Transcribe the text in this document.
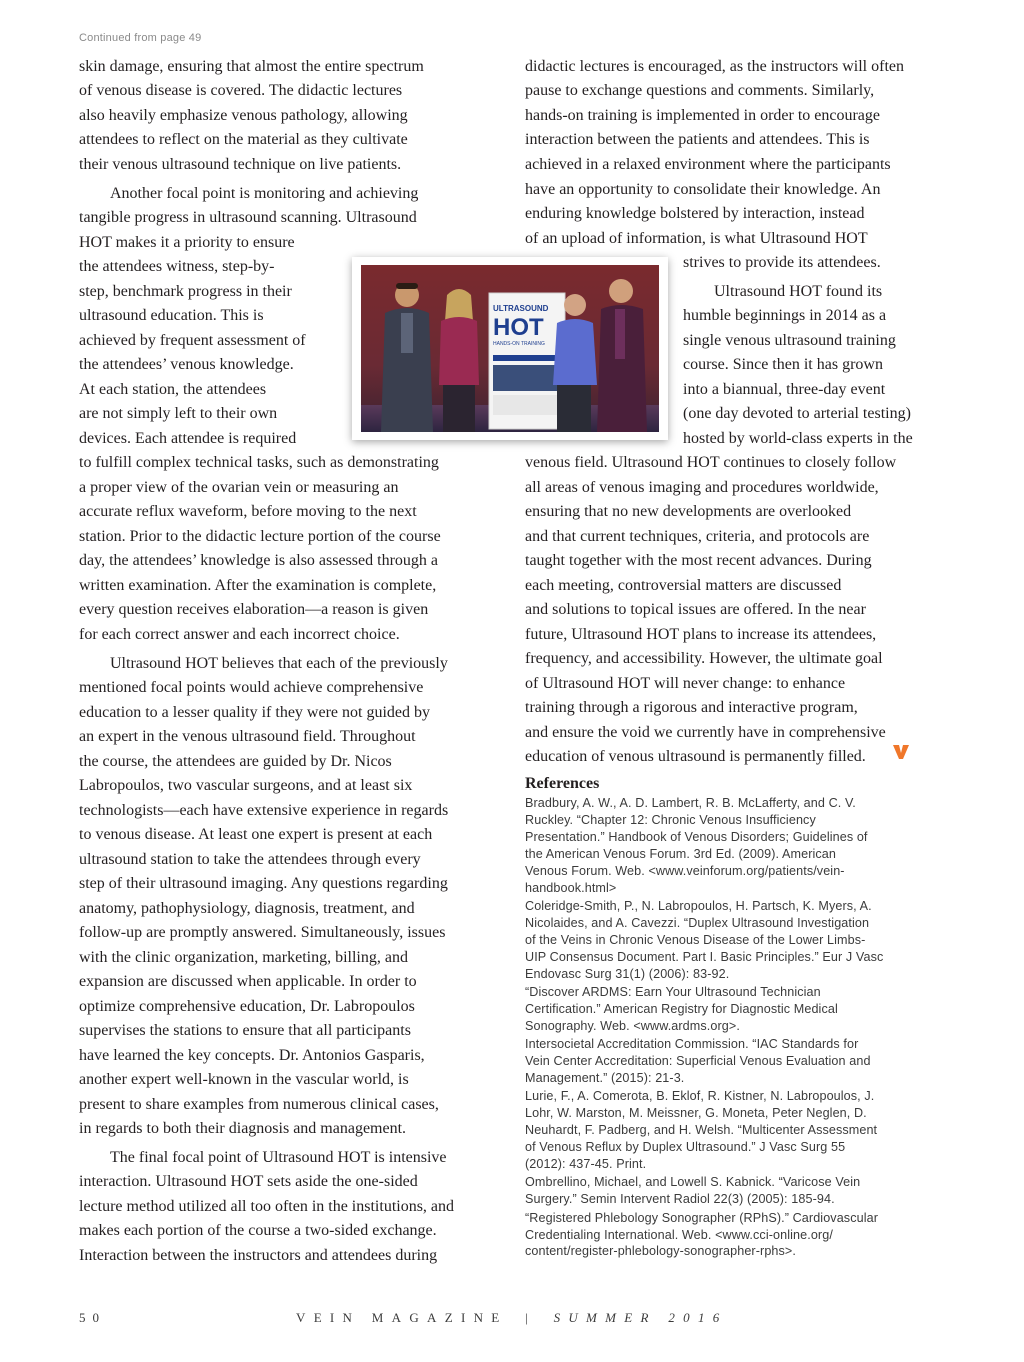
Continued from page 49
skin damage, ensuring that almost the entire spectrum
of venous disease is covered. The didactic lectures
also heavily emphasize venous pathology, allowing
attendees to reflect on the material as they cultivate
their venous ultrasound technique on live patients.
Another focal point is monitoring and achieving
tangible progress in ultrasound scanning. Ultrasound
HOT makes it a priority to ensure
the attendees witness, step-by-
step, benchmark progress in their
ultrasound education. This is
achieved by frequent assessment of
the attendees’ venous knowledge.
At each station, the attendees
are not simply left to their own
devices. Each attendee is required
to fulfill complex technical tasks, such as demonstrating
a proper view of the ovarian vein or measuring an
accurate reflux waveform, before moving to the next
station. Prior to the didactic lecture portion of the course
day, the attendees’ knowledge is also assessed through a
written examination. After the examination is complete,
every question receives elaboration—a reason is given
for each correct answer and each incorrect choice.
Ultrasound HOT believes that each of the previously
mentioned focal points would achieve comprehensive
education to a lesser quality if they were not guided by
an expert in the venous ultrasound field. Throughout
the course, the attendees are guided by Dr. Nicos
Labropoulos, two vascular surgeons, and at least six
technologists—each have extensive experience in regards
to venous disease. At least one expert is present at each
ultrasound station to take the attendees through every
step of their ultrasound imaging. Any questions regarding
anatomy, pathophysiology, diagnosis, treatment, and
follow-up are promptly answered. Simultaneously, issues
with the clinic organization, marketing, billing, and
expansion are discussed when applicable. In order to
optimize comprehensive education, Dr. Labropoulos
supervises the stations to ensure that all participants
have learned the key concepts. Dr. Antonios Gasparis,
another expert well-known in the vascular world, is
present to share examples from numerous clinical cases,
in regards to both their diagnosis and management.
The final focal point of Ultrasound HOT is intensive
interaction. Ultrasound HOT sets aside the one-sided
lecture method utilized all too often in the institutions, and
makes each portion of the course a two-sided exchange.
Interaction between the instructors and attendees during
didactic lectures is encouraged, as the instructors will often
pause to exchange questions and comments. Similarly,
hands-on training is implemented in order to encourage
interaction between the patients and attendees. This is
achieved in a relaxed environment where the participants
have an opportunity to consolidate their knowledge. An
enduring knowledge bolstered by interaction, instead
of an upload of information, is what Ultrasound HOT
strives to provide its attendees.
Ultrasound HOT found its
humble beginnings in 2014 as a
single venous ultrasound training
course. Since then it has grown
into a biannual, three-day event
(one day devoted to arterial testing)
hosted by world-class experts in the
venous field. Ultrasound HOT continues to closely follow
all areas of venous imaging and procedures worldwide,
ensuring that no new developments are overlooked
and that current techniques, criteria, and protocols are
taught together with the most recent advances. During
each meeting, controversial matters are discussed
and solutions to topical issues are offered. In the near
future, Ultrasound HOT plans to increase its attendees,
frequency, and accessibility. However, the ultimate goal
of Ultrasound HOT will never change: to enhance
training through a rigorous and interactive program,
and ensure the void we currently have in comprehensive
education of venous ultrasound is permanently filled.
ULTRASOUND
HOT
HANDS-ON TRAINING
References
Bradbury, A. W., A. D. Lambert, R. B. McLafferty, and C. V.
Ruckley. “Chapter 12: Chronic Venous Insufficiency
Presentation.” Handbook of Venous Disorders; Guidelines of
the American Venous Forum. 3rd Ed. (2009). American
Venous Forum. Web. <www.veinforum.org/patients/vein-
handbook.html>
Coleridge-Smith, P., N. Labropoulos, H. Partsch, K. Myers, A.
Nicolaides, and A. Cavezzi. “Duplex Ultrasound Investigation
of the Veins in Chronic Venous Disease of the Lower Limbs-
UIP Consensus Document. Part I. Basic Principles.” Eur J Vasc
Endovasc Surg 31(1) (2006): 83-92.
“Discover ARDMS: Earn Your Ultrasound Technician
Certification.” American Registry for Diagnostic Medical
Sonography. Web. <www.ardms.org>.
Intersocietal Accreditation Commission. “IAC Standards for
Vein Center Accreditation: Superficial Venous Evaluation and
Management.” (2015): 21-3.
Lurie, F., A. Comerota, B. Eklof, R. Kistner, N. Labropoulos, J.
Lohr, W. Marston, M. Meissner, G. Moneta, Peter Neglen, D.
Neuhardt, F. Padberg, and H. Welsh. “Multicenter Assessment
of Venous Reflux by Duplex Ultrasound.” J Vasc Surg 55
(2012): 437-45. Print.
Ombrellino, Michael, and Lowell S. Kabnick. “Varicose Vein
Surgery.” Semin Intervent Radiol 22(3) (2005): 185-94.
“Registered Phlebology Sonographer (RPhS).” Cardiovascular
Credentialing International. Web. <www.cci-online.org/
content/register-phlebology-sonographer-rphs>.
50	VEIN MAGAZINE | SUMMER 2016
